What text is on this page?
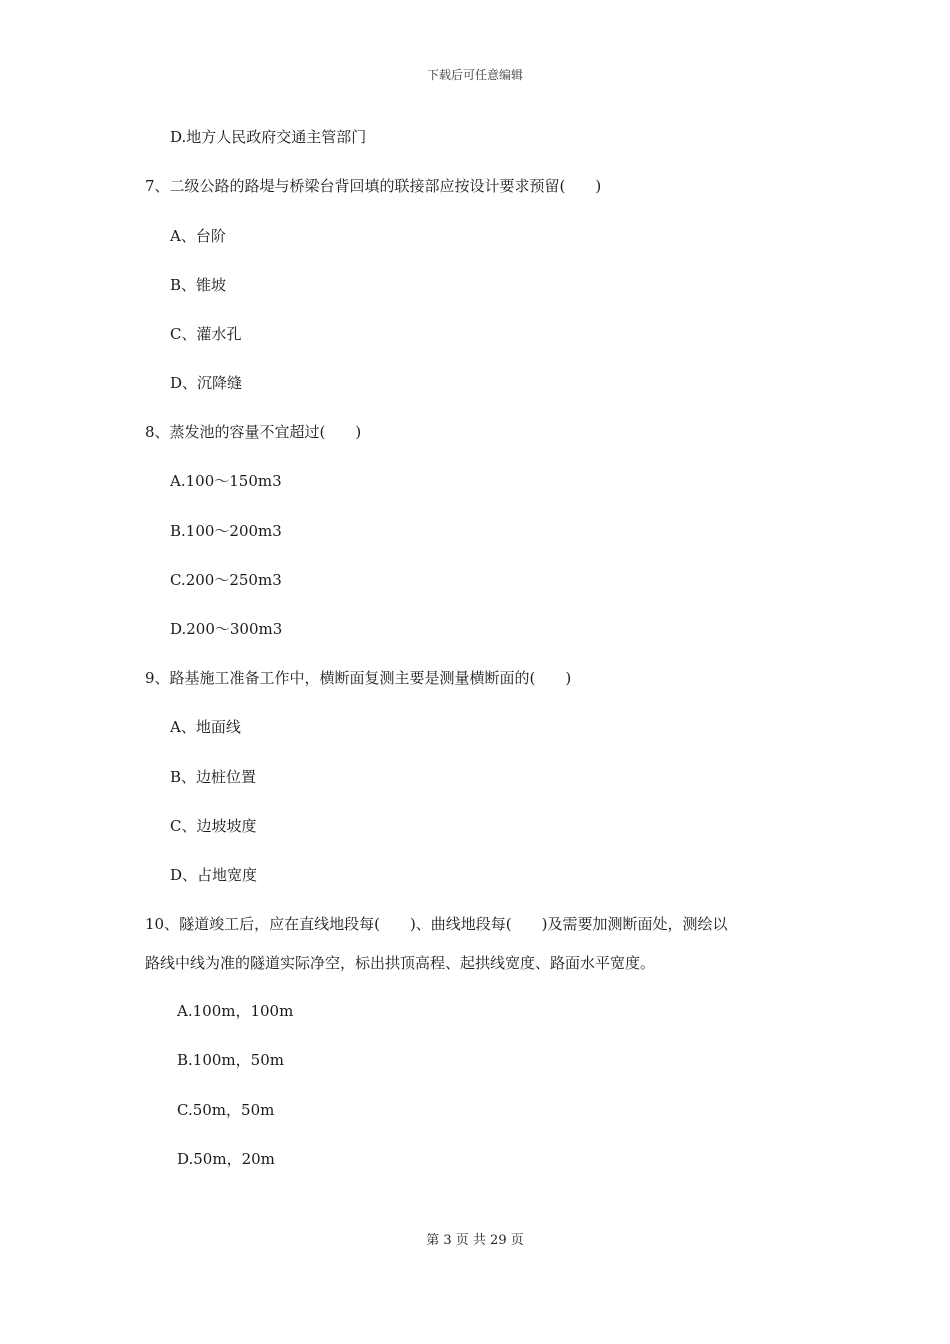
下载后可任意编辑
D.地方人民政府交通主管部门
7、二级公路的路堤与桥梁台背回填的联接部应按设计要求预留(　　)
A、台阶
B、锥坡
C、灌水孔
D、沉降缝
8、蒸发池的容量不宜超过(　　)
A.100～150m3
B.100～200m3
C.200～250m3
D.200～300m3
9、路基施工准备工作中，横断面复测主要是测量横断面的(　　)
A、地面线
B、边桩位置
C、边坡坡度
D、占地宽度
10、隧道竣工后，应在直线地段每(　　)、曲线地段每(　　)及需要加测断面处，测绘以
路线中线为准的隧道实际净空，标出拱顶高程、起拱线宽度、路面水平宽度。
A.100m，100m
B.100m，50m
C.50m，50m
D.50m，20m
第 3 页 共 29 页
